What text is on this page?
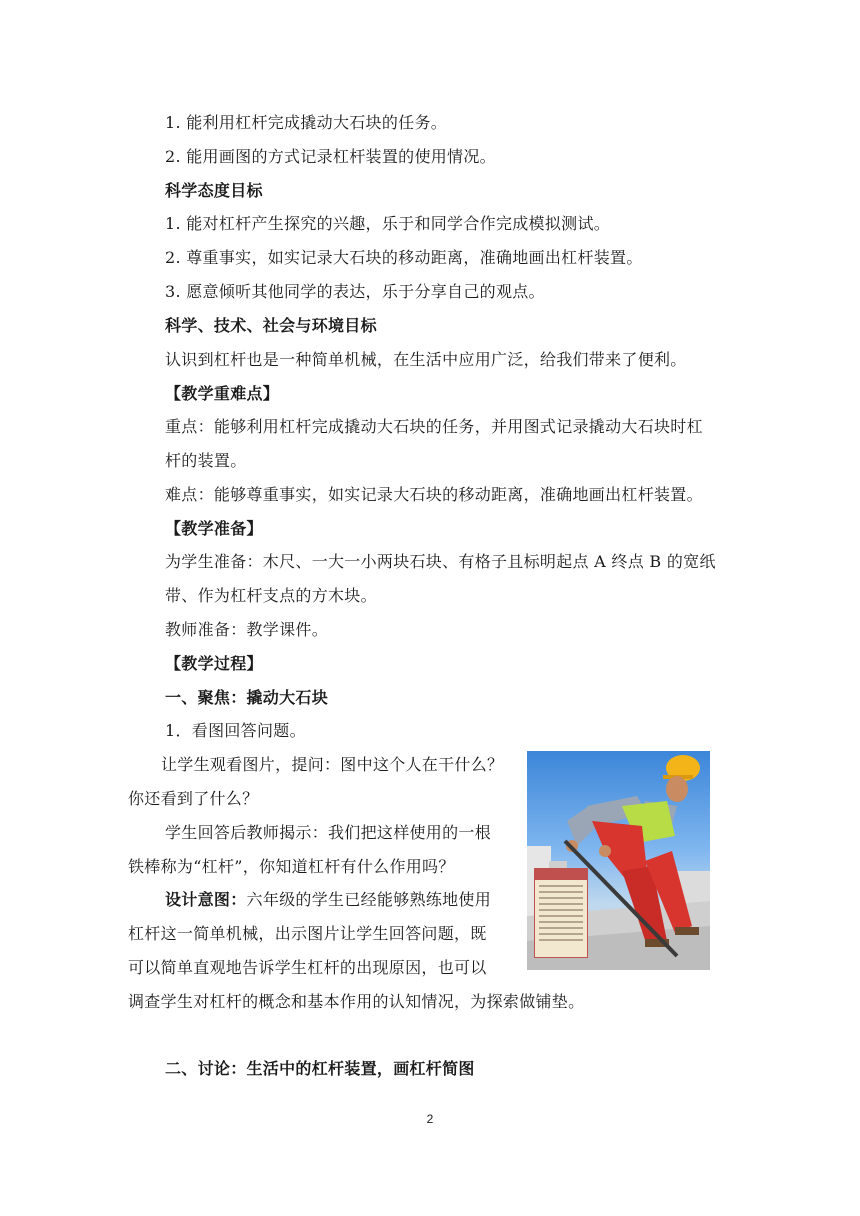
1. 能利用杠杆完成撬动大石块的任务。
2. 能用画图的方式记录杠杆装置的使用情况。
科学态度目标
1. 能对杠杆产生探究的兴趣，乐于和同学合作完成模拟测试。
2. 尊重事实，如实记录大石块的移动距离，准确地画出杠杆装置。
3. 愿意倾听其他同学的表达，乐于分享自己的观点。
科学、技术、社会与环境目标
认识到杠杆也是一种简单机械，在生活中应用广泛，给我们带来了便利。
【教学重难点】
重点：能够利用杠杆完成撬动大石块的任务，并用图式记录撬动大石块时杠
杆的装置。
难点：能够尊重事实，如实记录大石块的移动距离，准确地画出杠杆装置。
【教学准备】
为学生准备：木尺、一大一小两块石块、有格子且标明起点 A 终点 B 的宽纸
带、作为杠杆支点的方木块。
教师准备：教学课件。
【教学过程】
一、聚焦：撬动大石块
1．看图回答问题。
让学生观看图片，提问：图中这个人在干什么？
你还看到了什么？
学生回答后教师揭示：我们把这样使用的一根
铁棒称为“杠杆”，你知道杠杆有什么作用吗？
设计意图：六年级的学生已经能够熟练地使用
杠杆这一简单机械，出示图片让学生回答问题，既
可以简单直观地告诉学生杠杆的出现原因，也可以
调查学生对杠杆的概念和基本作用的认知情况，为探索做铺垫。
二、讨论：生活中的杠杆装置，画杠杆简图
2
